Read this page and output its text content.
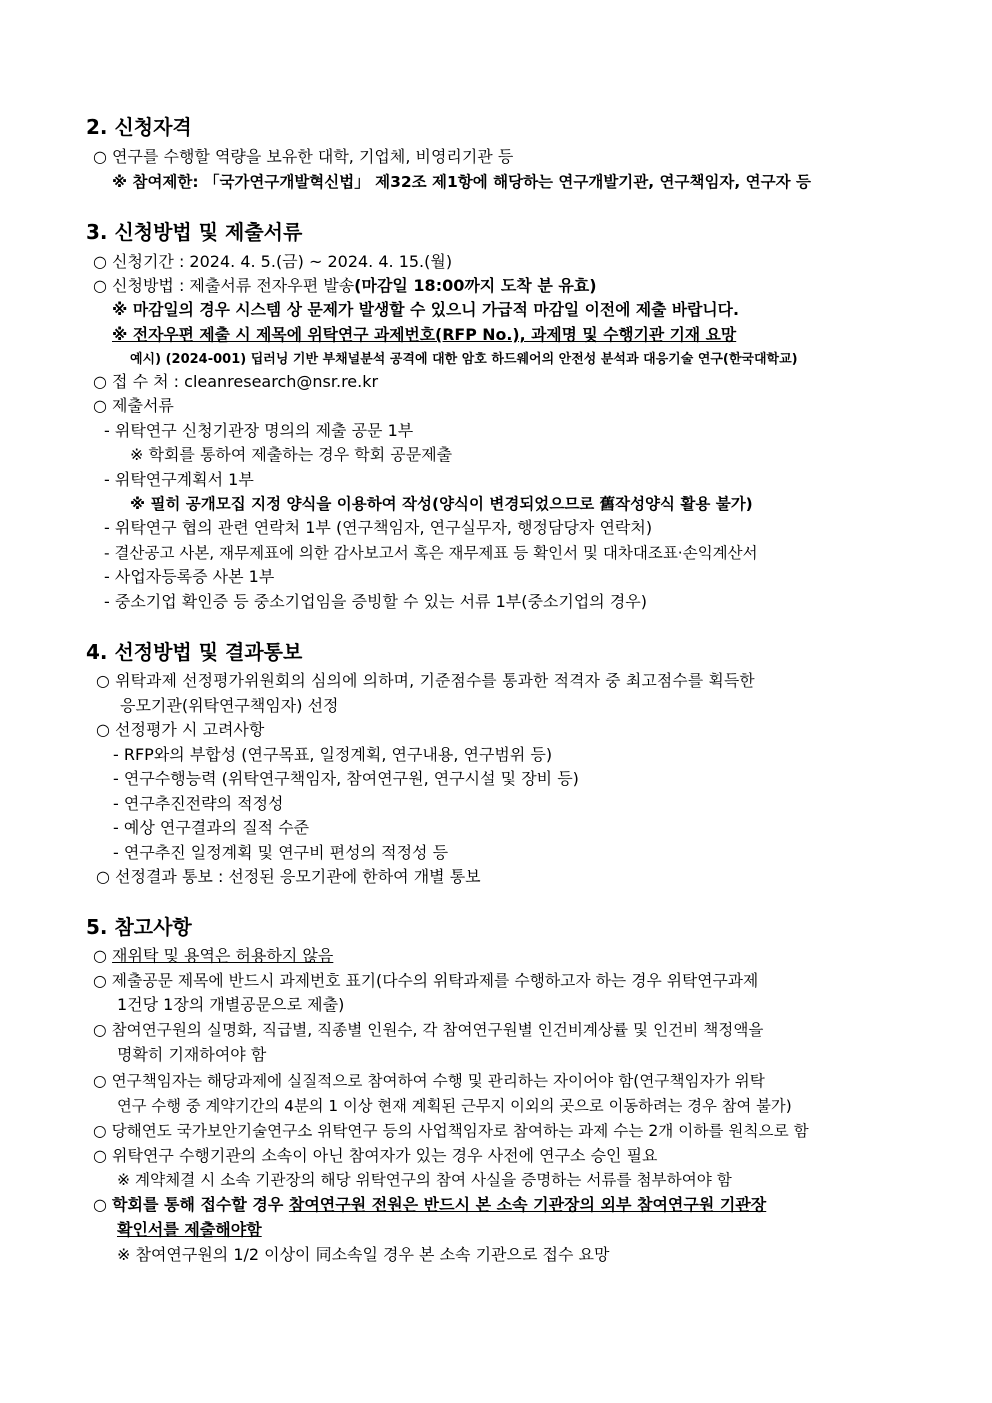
2. 신청자격
○ 연구를 수행할 역량을 보유한 대학, 기업체, 비영리기관 등
※ 참여제한: 「국가연구개발혁신법」 제32조 제1항에 해당하는 연구개발기관, 연구책임자, 연구자 등
3. 신청방법 및 제출서류
○ 신청기간 : 2024. 4. 5.(금) ~ 2024. 4. 15.(월)
○ 신청방법 : 제출서류 전자우편 발송(마감일 18:00까지 도착 분 유효)
※ 마감일의 경우 시스템 상 문제가 발생할 수 있으니 가급적 마감일 이전에 제출 바랍니다.
※ 전자우편 제출 시 제목에 위탁연구 과제번호(RFP No.), 과제명 및 수행기관 기재 요망
예시) (2024-001) 딥러닝 기반 부채널분석 공격에 대한 암호 하드웨어의 안전성 분석과 대응기술 연구(한국대학교)
○ 접 수 처 : cleanresearch@nsr.re.kr
○ 제출서류
- 위탁연구 신청기관장 명의의 제출 공문 1부
※ 학회를 통하여 제출하는 경우 학회 공문제출
- 위탁연구계획서 1부
※ 필히 공개모집 지정 양식을 이용하여 작성(양식이 변경되었으므로 舊작성양식 활용 불가)
- 위탁연구 협의 관련 연락처 1부 (연구책임자, 연구실무자, 행정담당자 연락처)
- 결산공고 사본, 재무제표에 의한 감사보고서 혹은 재무제표 등 확인서 및 대차대조표·손익계산서
- 사업자등록증 사본 1부
- 중소기업 확인증 등 중소기업임을 증빙할 수 있는 서류 1부(중소기업의 경우)
4. 선정방법 및 결과통보
○ 위탁과제 선정평가위원회의 심의에 의하며, 기준점수를 통과한 적격자 중 최고점수를 획득한
응모기관(위탁연구책임자) 선정
○ 선정평가 시 고려사항
- RFP와의 부합성 (연구목표, 일정계획, 연구내용, 연구범위 등)
- 연구수행능력 (위탁연구책임자, 참여연구원, 연구시설 및 장비 등)
- 연구추진전략의 적정성
- 예상 연구결과의 질적 수준
- 연구추진 일정계획 및 연구비 편성의 적정성 등
○ 선정결과 통보 : 선정된 응모기관에 한하여 개별 통보
5. 참고사항
○ 재위탁 및 용역은 허용하지 않음
○ 제출공문 제목에 반드시 과제번호 표기(다수의 위탁과제를 수행하고자 하는 경우 위탁연구과제
1건당 1장의 개별공문으로 제출)
○ 참여연구원의 실명화, 직급별, 직종별 인원수, 각 참여연구원별 인건비계상률 및 인건비 책정액을
명확히 기재하여야 함
○ 연구책임자는 해당과제에 실질적으로 참여하여 수행 및 관리하는 자이어야 함(연구책임자가 위탁
연구 수행 중 계약기간의 4분의 1 이상 현재 계획된 근무지 이외의 곳으로 이동하려는 경우 참여 불가)
○ 당해연도 국가보안기술연구소 위탁연구 등의 사업책임자로 참여하는 과제 수는 2개 이하를 원칙으로 함
○ 위탁연구 수행기관의 소속이 아닌 참여자가 있는 경우 사전에 연구소 승인 필요
※ 계약체결 시 소속 기관장의 해당 위탁연구의 참여 사실을 증명하는 서류를 첨부하여야 함
○ 학회를 통해 접수할 경우 참여연구원 전원은 반드시 본 소속 기관장의 외부 참여연구원 기관장
확인서를 제출해야함
※ 참여연구원의 1/2 이상이 同소속일 경우 본 소속 기관으로 접수 요망
